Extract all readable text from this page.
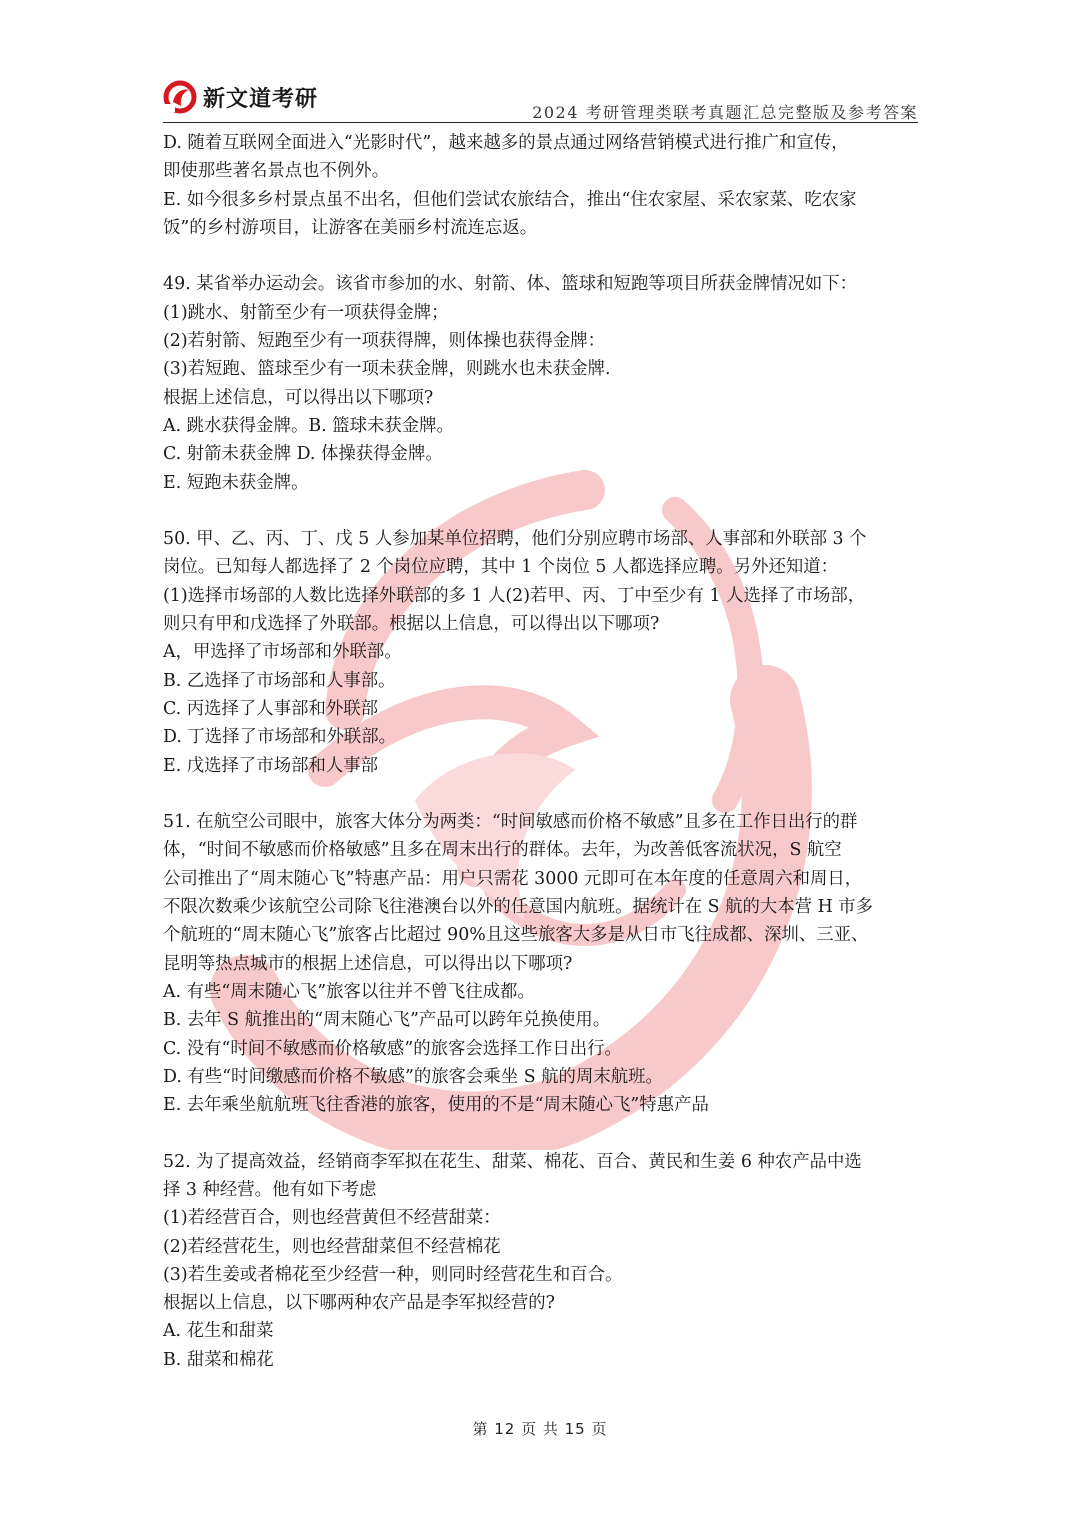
新文道考研
2024 考研管理类联考真题汇总完整版及参考答案
D. 随着互联网全面进入“光影时代”，越来越多的景点通过网络营销模式进行推广和宣传，
即使那些著名景点也不例外。
E. 如今很多乡村景点虽不出名，但他们尝试农旅结合，推出“住农家屋、采农家菜、吃农家
饭”的乡村游项目，让游客在美丽乡村流连忘返。
49. 某省举办运动会。该省市参加的水、射箭、体、篮球和短跑等项目所获金牌情况如下：
(1)跳水、射箭至少有一项获得金牌；
(2)若射箭、短跑至少有一项获得牌，则体操也获得金牌：
(3)若短跑、篮球至少有一项未获金牌，则跳水也未获金牌.
根据上述信息，可以得出以下哪项?
A. 跳水获得金牌。B. 篮球未获金牌。
C. 射箭未获金牌 D. 体操获得金牌。
E. 短跑未获金牌。
50. 甲、乙、丙、丁、戊 5 人参加某单位招聘，他们分别应聘市场部、人事部和外联部 3 个
岗位。已知每人都选择了 2 个岗位应聘，其中 1 个岗位 5 人都选择应聘。另外还知道：
(1)选择市场部的人数比选择外联部的多 1 人(2)若甲、丙、丁中至少有 1 人选择了市场部，
则只有甲和戊选择了外联部。根据以上信息，可以得出以下哪项?
A，甲选择了市场部和外联部。
B. 乙选择了市场部和人事部。
C. 丙选择了人事部和外联部
D. 丁选择了市场部和外联部。
E. 戊选择了市场部和人事部
51. 在航空公司眼中，旅客大体分为两类：“时间敏感而价格不敏感”且多在工作日出行的群
体，“时间不敏感而价格敏感”且多在周末出行的群体。去年，为改善低客流状况，S 航空
公司推出了“周末随心飞”特惠产品：用户只需花 3000 元即可在本年度的任意周六和周日，
不限次数乘少该航空公司除飞往港澳台以外的任意国内航班。据统计在 S 航的大本营 H 市多
个航班的“周末随心飞”旅客占比超过 90%且这些旅客大多是从日市飞往成都、深圳、三亚、
昆明等热点城市的根据上述信息，可以得出以下哪项?
A. 有些“周末随心飞”旅客以往并不曾飞往成都。
B. 去年 S 航推出的“周末随心飞”产品可以跨年兑换使用。
C. 没有“时间不敏感而价格敏感”的旅客会选择工作日出行。
D. 有些“时间缴感而价格不敏感”的旅客会乘坐 S 航的周末航班。
E. 去年乘坐航航班飞往香港的旅客，使用的不是“周末随心飞”特惠产品
52. 为了提高效益，经销商李军拟在花生、甜菜、棉花、百合、黄民和生姜 6 种农产品中选
择 3 种经营。他有如下考虑
(1)若经营百合，则也经营黄但不经营甜菜：
(2)若经营花生，则也经营甜菜但不经营棉花
(3)若生姜或者棉花至少经营一种，则同时经营花生和百合。
根据以上信息，以下哪两种农产品是李军拟经营的?
A. 花生和甜菜
B. 甜菜和棉花
第 12 页 共 15 页
